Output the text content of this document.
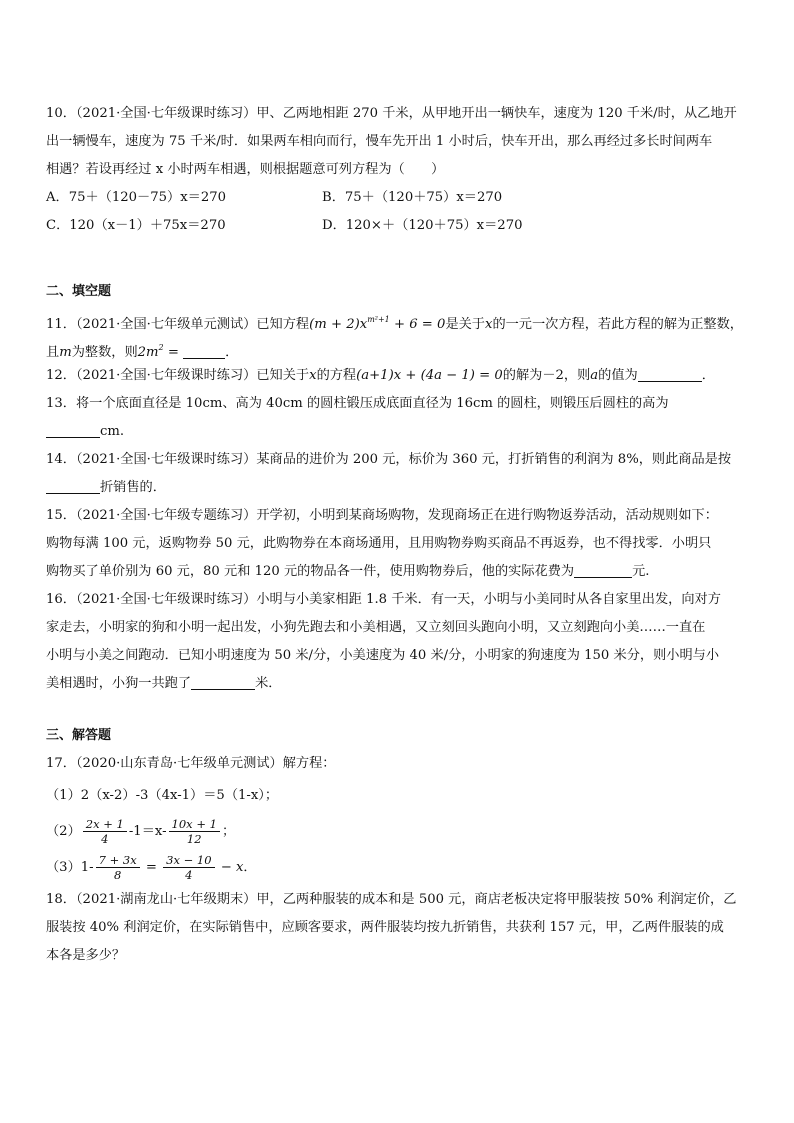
10．（2021·全国·七年级课时练习）甲、乙两地相距 270 千米，从甲地开出一辆快车，速度为 120 千米/时，从乙地开
出一辆慢车，速度为 75 千米/时．如果两车相向而行，慢车先开出 1 小时后，快车开出，那么再经过多长时间两车
相遇？若设再经过 x 小时两车相遇，则根据题意可列方程为（　　）
A．75＋（120－75）x＝270	B．75＋（120＋75）x＝270
C．120（x－1）＋75x＝270	D．120×＋（120＋75）x＝270
二、填空题
11．（2021·全国·七年级单元测试）已知方程$(m + 2)x^{m^2+1} + 6 = 0$是关于x的一元一次方程，若此方程的解为正整数，
且m为整数，则$2m^2$ =	．
12．（2021·全国·七年级课时练习）已知关于x的方程(a+1)x + (4a − 1) = 0的解为－2，则a的值为	．
13．将一个底面直径是 10cm、高为 40cm 的圆柱锻压成底面直径为 16cm 的圆柱，则锻压后圆柱的高为
cm.
14．（2021·全国·七年级课时练习）某商品的进价为 200 元，标价为 360 元，打折销售的利润为 8%，则此商品是按
折销售的．
15．（2021·全国·七年级专题练习）开学初，小明到某商场购物，发现商场正在进行购物返券活动，活动规则如下：
购物每满 100 元，返购物券 50 元，此购物券在本商场通用，且用购物券购买商品不再返券，也不得找零．小明只
购物买了单价别为 60 元，80 元和 120 元的物品各一件，使用购物券后，他的实际花费为	元.
16．（2021·全国·七年级课时练习）小明与小美家相距 1.8 千米．有一天，小明与小美同时从各自家里出发，向对方
家走去，小明家的狗和小明一起出发，小狗先跑去和小美相遇，又立刻回头跑向小明，又立刻跑向小美……一直在
小明与小美之间跑动．已知小明速度为 50 米/分，小美速度为 40 米/分，小明家的狗速度为 150 米分，则小明与小
美相遇时，小狗一共跑了	米．
三、解答题
17．（2020·山东青岛·七年级单元测试）解方程：
（1）2（x-2）-3（4x-1）＝5（1-x）；
$(2) \frac{2x + 1}{4} -1=x- \frac{10x + 1}{12}$ ；
$(3)1- \frac{7 + 3x}{8} = \frac{3x - 10}{4} - x$．
18．（2021·湖南龙山·七年级期末）甲，乙两种服装的成本和是 500 元，商店老板决定将甲服装按 50% 利润定价，乙
服装按 40% 利润定价，在实际销售中，应顾客要求，两件服装均按九折销售，共获利 157 元，甲，乙两件服装的成
本各是多少？
